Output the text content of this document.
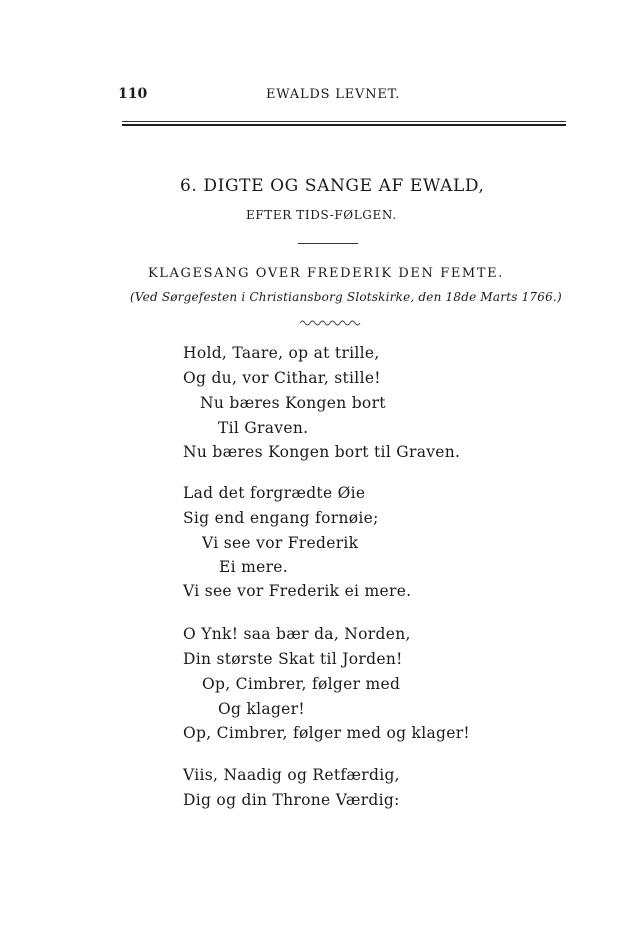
110	EWALDS LEVNET.
6. DIGTE OG SANGE AF EWALD,
EFTER TIDS-FØLGEN.
KLAGESANG OVER FREDERIK DEN FEMTE.
(Ved Sørgefesten i Christiansborg Slotskirke, den 18de Marts 1766.)
Hold, Taare, op at trille,
Og du, vor Cithar, stille!
Nu bæres Kongen bort
Til Graven.
Nu bæres Kongen bort til Graven.
Lad det forgrædte Øie
Sig end engang fornøie;
Vi see vor Frederik
Ei mere.
Vi see vor Frederik ei mere.
O Ynk! saa bær da, Norden,
Din største Skat til Jorden!
Op, Cimbrer, følger med
Og klager!
Op, Cimbrer, følger med og klager!
Viis, Naadig og Retfærdig,
Dig og din Throne Værdig:
